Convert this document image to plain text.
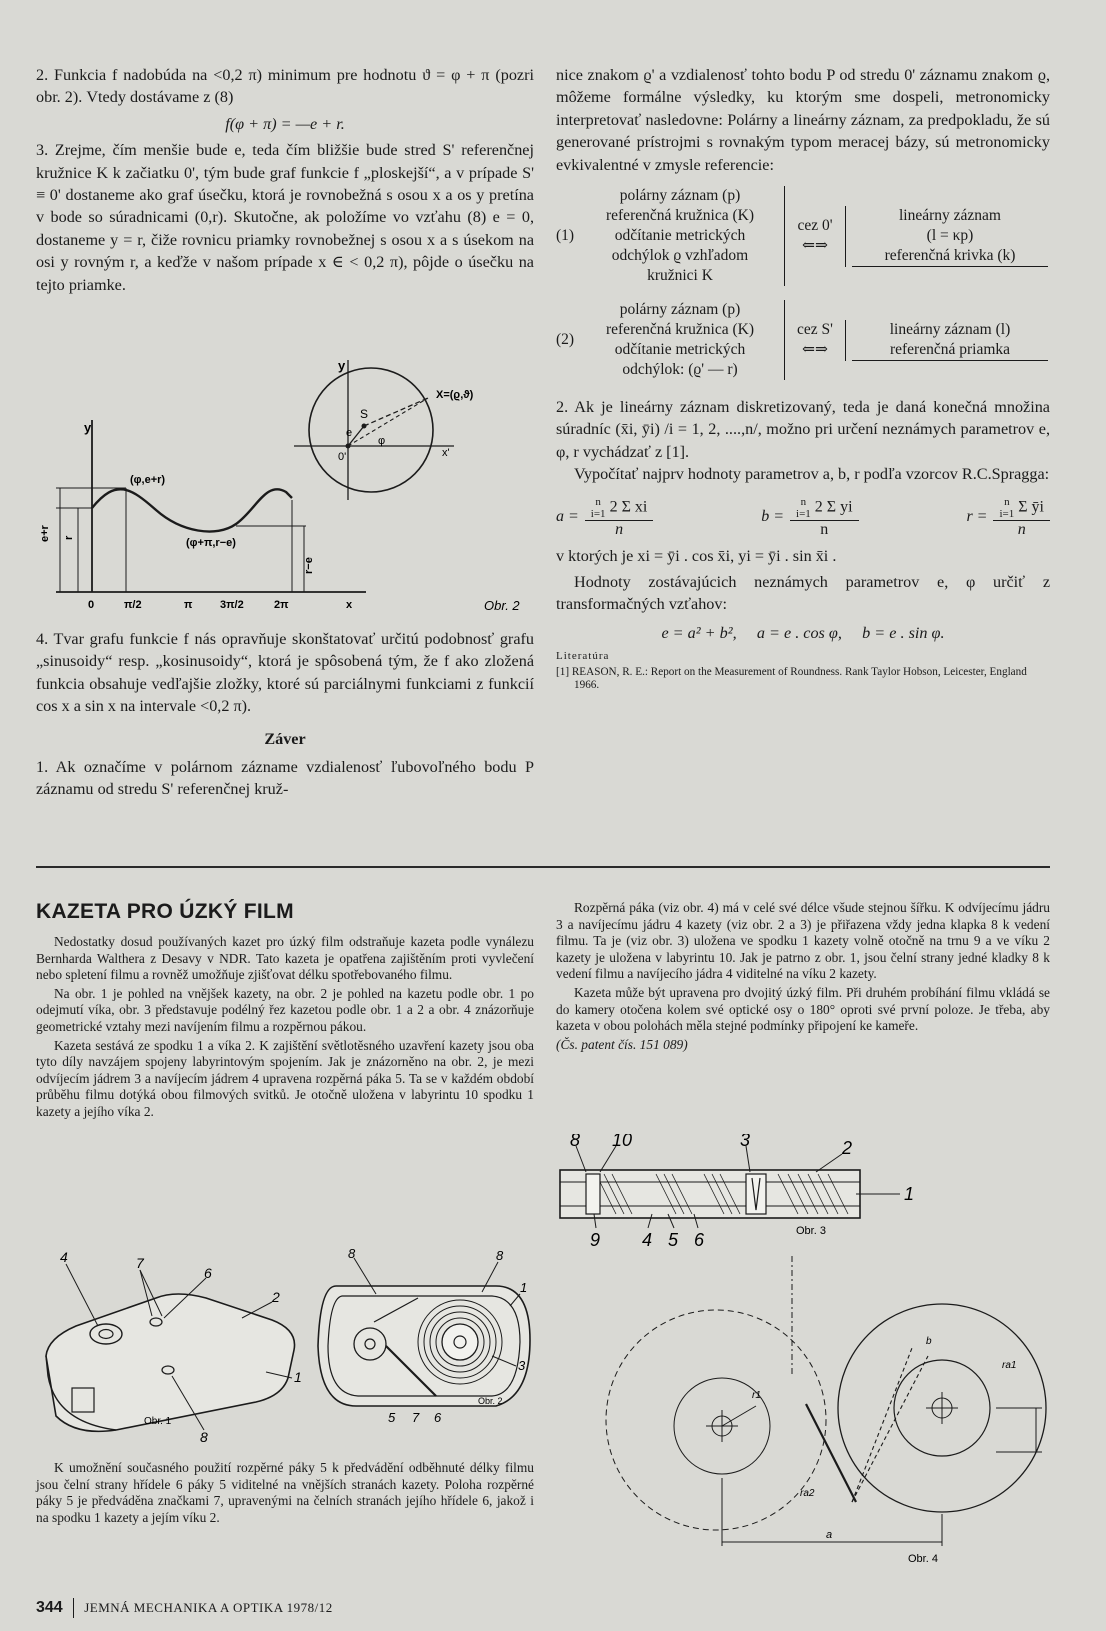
2. Funkcia f nadobúda na <0,2 π) minimum pre hodnotu ϑ = φ + π (pozri obr. 2). Vtedy dostávame z (8)

f(φ + π) = —e + r.

3. Zrejme, čím menšie bude e, teda čím bližšie bude stred S' referenčnej kružnice K k začiatku 0', tým bude graf funkcie f „ploskejší“, a v prípade S' ≡ 0' dostaneme ako graf úsečku, ktorá je rovnobežná s osou x a os y pretína v bode so súradnicami (0,r). Skutočne, ak položíme vo vzťahu (8) e = 0, dostaneme y = r, čiže rovnicu priamky rovnobežnej s osou x a s úsekom na osi y rovným r, a keďže v našom prípade x ∈ < 0,2 π), pôjde o úsečku na tejto priamke.

y
X=(ϱ,ϑ)
S
0'
e
φ
x'
y
(φ,e+r)
(φ+π,r−e)
e+r r
r−e
0	π/2	π	3π/2	2π	x	Obr. 2

4. Tvar grafu funkcie f nás opravňuje skonštatovať určitú podobnosť grafu „sinusoidy“ resp. „kosinusoidy“, ktorá je spôsobená tým, že f ako zložená funkcia obsahuje vedľajšie zložky, ktoré sú parciálnymi funkciami z funkcií cos x a sin x na intervale <0,2 π).

Záver

1. Ak označíme v polárnom zázname vzdialenosť ľubovoľného bodu P záznamu od stredu S' referenčnej kruž-

nice znakom ϱ' a vzdialenosť tohto bodu P od stredu 0' záznamu znakom ϱ, môžeme formálne výsledky, ku ktorým sme dospeli, metronomicky interpretovať nasledovne: Polárny a lineárny záznam, za predpokladu, že sú generované prístrojmi s rovnakým typom meracej bázy, sú metronomicky evkivalentné v zmysle referencie:

(1)
polárny záznam (p)
referenčná kružnica (K)
odčítanie metrických
odchýlok ϱ vzhľadom
kružnici K
cez 0'
⇐⇒
lineárny záznam
(l = κp)
referenčná krivka (k)
(2)
polárny záznam (p)
referenčná kružnica (K)
odčítanie metrických
odchýlok: (ϱ' — r)
cez S'
⇐⇒
lineárny záznam (l)
referenčná priamka

2. Ak je lineárny záznam diskretizovaný, teda je daná konečná množina súradníc (x̄i, ȳi) /i = 1, 2, ....,n/, možno pri určení neznámych parametrov e, φ, r vychádzať z [1].

Vypočítať najprv hodnoty parametrov a, b, r podľa vzorcov R.C.Spragga:

a = n
i=1 2 Σ xi
n	b = n
i=1 2 Σ yi
n	r = n
i=1 Σ ȳi
n

v ktorých je xi = ȳi . cos x̄i, yi = ȳi . sin x̄i .

Hodnoty zostávajúcich neznámych parametrov e, φ určiť z transformačných vzťahov:

e = a² + b²,     a = e . cos φ,     b = e . sin φ.

Literatúra

[1] REASON, R. E.: Report on the Measurement of Roundness. Rank Taylor Hobson, Leicester, England 1966.

KAZETA PRO ÚZKÝ FILM

Nedostatky dosud používaných kazet pro úzký film odstraňuje kazeta podle vynálezu Bernharda Walthera z Desavy v NDR. Tato kazeta je opatřena zajištěním proti vyvlečení nebo spletení filmu a rovněž umožňuje zjišťovat délku spotřebovaného filmu.

Na obr. 1 je pohled na vnějšek kazety, na obr. 2 je pohled na kazetu podle obr. 1 po odejmutí víka, obr. 3 představuje podélný řez kazetou podle obr. 1 a 2 a obr. 4 znázorňuje geometrické vztahy mezi navíjením filmu a rozpěrnou pákou.

Kazeta sestává ze spodku 1 a víka 2. K zajištění světlotěsného uzavření kazety jsou oba tyto díly navzájem spojeny labyrintovým spojením. Jak je znázorněno na obr. 2, je mezi odvíjecím jádrem 3 a navíjecím jádrem 4 upravena rozpěrná páka 5. Ta se v každém období průběhu filmu dotýká obou filmových svitků. Je otočně uložena v labyrintu 10 spodku 1 kazety a jejího víka 2.

4	7
6
2
1
8
Obr. 1
8	8
1
3
5 7 6
Obr. 2

K umožnění současného použití rozpěrné páky 5 k předvádění odběhnuté délky filmu jsou čelní strany hřídele 6 páky 5 viditelné na vnějších stranách kazety. Poloha rozpěrné páky 5 je předváděna značkami 7, upravenými na čelních stranách jejího hřídele 6, jakož i na spodku 1 kazety a jejím víku 2.

Rozpěrná páka (viz obr. 4) má v celé své délce všude stejnou šířku. K odvíjecímu jádru 3 a navíjecímu jádru 4 kazety (viz obr. 2 a 3) je přiřazena vždy jedna klapka 8 k vedení filmu. Ta je (viz obr. 3) uložena ve spodku 1 kazety volně otočně na trnu 9 a ve víku 2 kazety je uložena v labyrintu 10. Jak je patrno z obr. 1, jsou čelní strany jedné kladky 8 k vedení filmu a navíjecího jádra 4 viditelné na víku 2 kazety.

Kazeta může být upravena pro dvojitý úzký film. Při druhém probíhání filmu vkládá se do kamery otočena kolem své optické osy o 180° oproti své první poloze. Je třeba, aby kazeta v obou polohách měla stejné podmínky připojení ke kameře.

(Čs. patent čís. 151 089)

8 10	3	2
1
9 4 5 6	Obr. 3
r1
b
ra1
ra2
a
Obr. 4
344 JEMNÁ MECHANIKA A OPTIKA 1978/12
